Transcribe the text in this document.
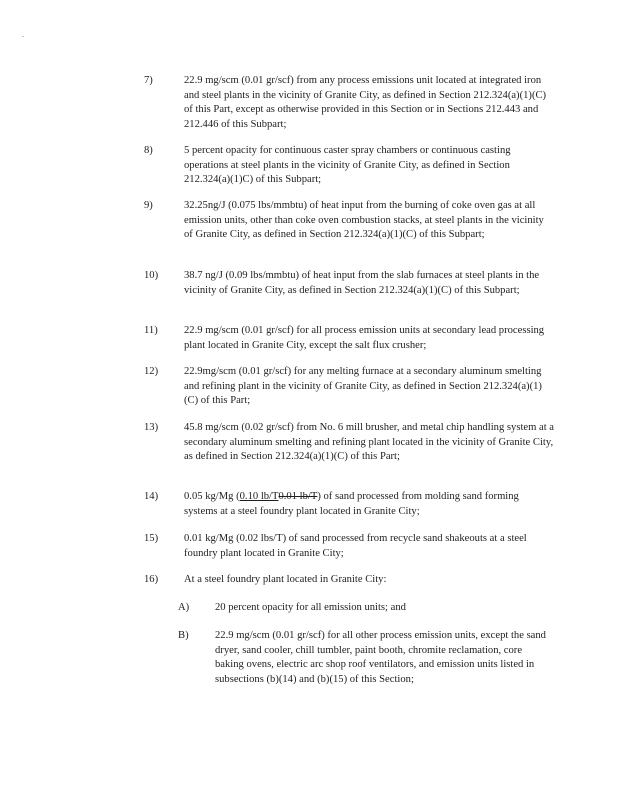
7)	22.9 mg/scm (0.01 gr/scf) from any process emissions unit located at integrated iron and steel plants in the vicinity of Granite City, as defined in Section 212.324(a)(1)(C) of this Part, except as otherwise provided in this Section or in Sections 212.443 and 212.446 of this Subpart;
8)	5 percent opacity for continuous caster spray chambers or continuous casting operations at steel plants in the vicinity of Granite City, as defined in Section 212.324(a)(1)C) of this Subpart;
9)	32.25ng/J (0.075 lbs/mmbtu) of heat input from the burning of coke oven gas at all emission units, other than coke oven combustion stacks, at steel plants in the vicinity of Granite City, as defined in Section 212.324(a)(1)(C) of this Subpart;
10)	38.7 ng/J (0.09 lbs/mmbtu) of heat input from the slab furnaces at steel plants in the vicinity of Granite City, as defined in Section 212.324(a)(1)(C) of this Subpart;
11)	22.9 mg/scm (0.01 gr/scf) for all process emission units at secondary lead processing plant located in Granite City, except the salt flux crusher;
12)	22.9mg/scm (0.01 gr/scf) for any melting furnace at a secondary aluminum smelting and refining plant in the vicinity of Granite City, as defined in Section 212.324(a)(1)(C) of this Part;
13)	45.8 mg/scm (0.02 gr/scf) from No. 6 mill brusher, and metal chip handling system at a secondary aluminum smelting and refining plant located in the vicinity of Granite City, as defined in Section 212.324(a)(1)(C) of this Part;
14)	0.05 kg/Mg (0.10 lb/T0.01 lb/T) of sand processed from molding sand forming systems at a steel foundry plant located in Granite City;
15)	0.01 kg/Mg (0.02 lbs/T) of sand processed from recycle sand shakeouts at a steel foundry plant located in Granite City;
16)	At a steel foundry plant located in Granite City:
A)	20 percent opacity for all emission units; and
B)	22.9 mg/scm (0.01 gr/scf) for all other process emission units, except the sand dryer, sand cooler, chill tumbler, paint booth, chromite reclamation, core baking ovens, electric arc shop roof ventilators, and emission units listed in subsections (b)(14) and (b)(15) of this Section;
